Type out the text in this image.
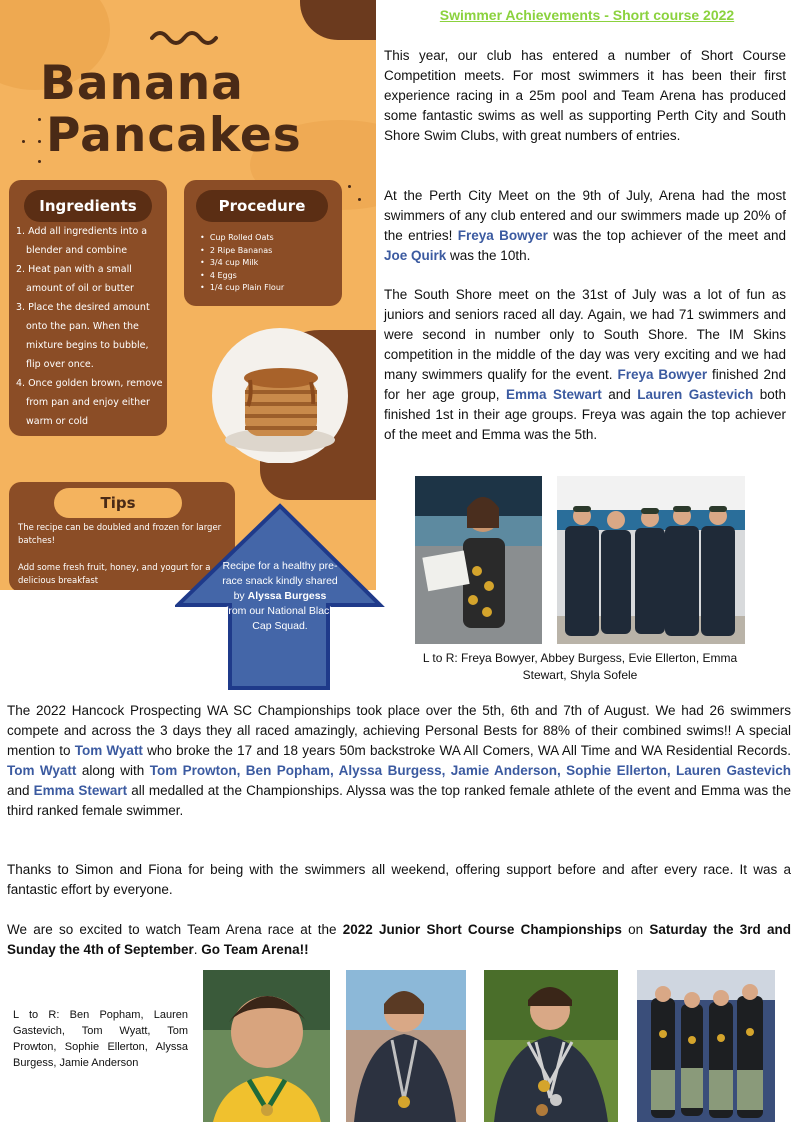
Banana
Pancakes
Ingredients
1. Add all ingredients into a
blender and combine
2. Heat pan with a small
amount of oil or butter
3. Place the desired amount
onto the pan. When the
mixture begins to bubble,
flip over once.
4. Once golden brown, remove
from pan and enjoy either
warm or cold
Procedure
•  Cup Rolled Oats
•  2 Ripe Bananas
•  3/4 cup Milk
•  4 Eggs
•  1/4 cup Plain Flour
Tips
The recipe can be doubled and frozen for larger batches!
Add some fresh fruit, honey, and yogurt for a delicious breakfast
Recipe for a healthy pre-race snack kindly shared by Alyssa Burgess from our National Black Cap Squad.
Swimmer Achievements - Short course 2022
This year, our club has entered a number of Short Course Competition meets. For most swimmers it has been their first experience racing in a 25m pool and Team Arena has produced some fantastic swims as well as supporting Perth City and South Shore Swim Clubs, with great numbers of entries.
At the Perth City Meet on the 9th of July, Arena had the most swimmers of any club entered and our swimmers made up 20% of the entries! Freya Bowyer was the top achiever of the meet and Joe Quirk was the 10th.
The South Shore meet on the 31st of July was a lot of fun as juniors and seniors raced all day. Again, we had 71 swimmers and were second in number only to South Shore. The IM Skins competition in the middle of the day was very exciting and we had many swimmers qualify for the event. Freya Bowyer finished 2nd for her age group, Emma Stewart and Lauren Gastevich both finished 1st in their age groups. Freya was again the top achiever of the meet and Emma was the 5th.
L to R: Freya Bowyer, Abbey Burgess, Evie Ellerton, Emma Stewart, Shyla Sofele
The 2022 Hancock Prospecting WA SC Championships took place over the 5th, 6th and 7th of August. We had 26 swimmers compete and across the 3 days they all raced amazingly, achieving Personal Bests for 88% of their combined swims!! A special mention to Tom Wyatt who broke the 17 and 18 years 50m backstroke WA All Comers, WA All Time and WA Residential Records. Tom Wyatt along with Tom Prowton, Ben Popham, Alyssa Burgess, Jamie Anderson, Sophie Ellerton, Lauren Gastevich and Emma Stewart all medalled at the Championships. Alyssa was the top ranked female athlete of the event and Emma was the third ranked female swimmer.
Thanks to Simon and Fiona for being with the swimmers all weekend, offering support before and after every race. It was a fantastic effort by everyone.
We are so excited to watch Team Arena race at the 2022 Junior Short Course Championships on Saturday the 3rd and Sunday the 4th of September. Go Team Arena!!
L to R: Ben Popham, Lauren Gastevich, Tom Wyatt, Tom Prowton, Sophie Ellerton, Alyssa Burgess, Jamie Anderson
